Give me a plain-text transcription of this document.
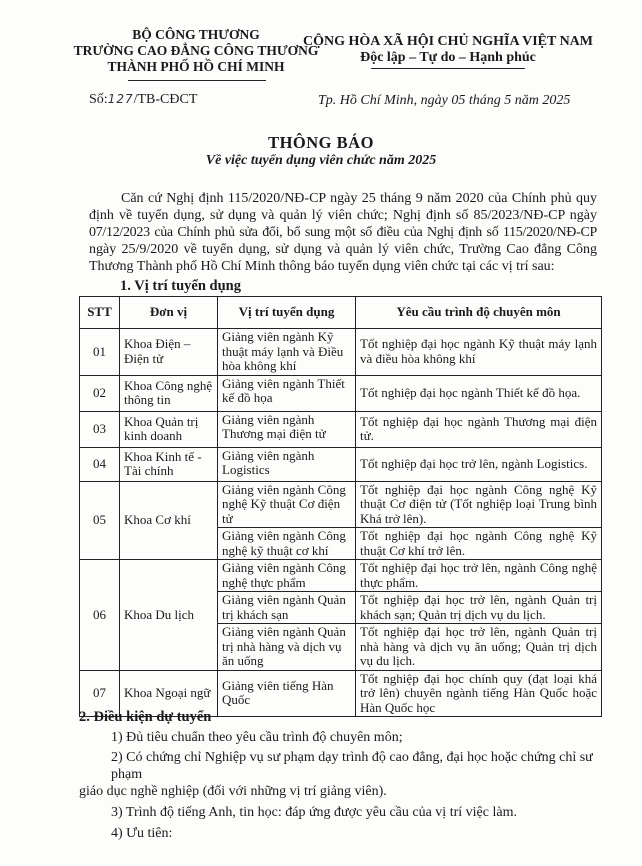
BỘ CÔNG THƯƠNG
TRƯỜNG CAO ĐẲNG CÔNG THƯƠNG
THÀNH PHỐ HỒ CHÍ MINH
CỘNG HÒA XÃ HỘI CHỦ NGHĨA VIỆT NAM
Độc lập – Tự do – Hạnh phúc
Số:127/TB-CĐCT	Tp. Hồ Chí Minh, ngày 05 tháng 5 năm 2025
THÔNG BÁO
Về việc tuyển dụng viên chức năm 2025
Căn cứ Nghị định 115/2020/NĐ-CP ngày 25 tháng 9 năm 2020 của Chính phủ quy
định về tuyển dụng, sử dụng và quản lý viên chức; Nghị định số 85/2023/NĐ-CP ngày
07/12/2023 của Chính phủ sửa đổi, bổ sung một số điều của Nghị định số 115/2020/NĐ-CP
ngày 25/9/2020 về tuyển dụng, sử dụng và quản lý viên chức, Trường Cao đẳng Công
Thương Thành phố Hồ Chí Minh thông báo tuyển dụng viên chức tại các vị trí sau:
1. Vị trí tuyển dụng
STT	Đơn vị	Vị trí tuyển dụng	Yêu cầu trình độ chuyên môn
01	Khoa Điện – Điện tử	Giảng viên ngành Kỹ thuật máy lạnh và Điều hòa không khí	Tốt nghiệp đại học ngành Kỹ thuật máy lạnh và điều hòa không khí
02	Khoa Công nghệ thông tin	Giảng viên ngành Thiết kế đồ họa	Tốt nghiệp đại học ngành Thiết kế đồ họa.
03	Khoa Quản trị kinh doanh	Giảng viên ngành Thương mại điện tử	Tốt nghiệp đại học ngành Thương mại điện tử.
04	Khoa Kinh tế - Tài chính	Giảng viên ngành Logistics	Tốt nghiệp đại học trở lên, ngành Logistics.
05	Khoa Cơ khí	Giảng viên ngành Công nghệ Kỹ thuật Cơ điện tử	Tốt nghiệp đại học ngành Công nghệ Kỹ thuật Cơ điện tử (Tốt nghiệp loại Trung bình Khá trở lên).
		Giảng viên ngành Công nghệ kỹ thuật cơ khí	Tốt nghiệp đại học ngành Công nghệ Kỹ thuật Cơ khí trở lên.
06	Khoa Du lịch	Giảng viên ngành Công nghệ thực phẩm	Tốt nghiệp đại học trở lên, ngành Công nghệ thực phẩm.
		Giảng viên ngành Quản trị khách sạn	Tốt nghiệp đại học trở lên, ngành Quản trị khách sạn; Quản trị dịch vụ du lịch.
		Giảng viên ngành Quản trị nhà hàng và dịch vụ ăn uống	Tốt nghiệp đại học trở lên, ngành Quản trị nhà hàng và dịch vụ ăn uống; Quản trị dịch vụ du lịch.
07	Khoa Ngoại ngữ	Giảng viên tiếng Hàn Quốc	Tốt nghiệp đại học chính quy (đạt loại khá trở lên) chuyên ngành tiếng Hàn Quốc hoặc Hàn Quốc học
2. Điều kiện dự tuyển
1) Đủ tiêu chuẩn theo yêu cầu trình độ chuyên môn;
2) Có chứng chỉ Nghiệp vụ sư phạm dạy trình độ cao đẳng, đại học hoặc chứng chỉ sư phạm
giáo dục nghề nghiệp (đối với những vị trí giảng viên).
3) Trình độ tiếng Anh, tin học: đáp ứng được yêu cầu của vị trí việc làm.
4) Ưu tiên:
